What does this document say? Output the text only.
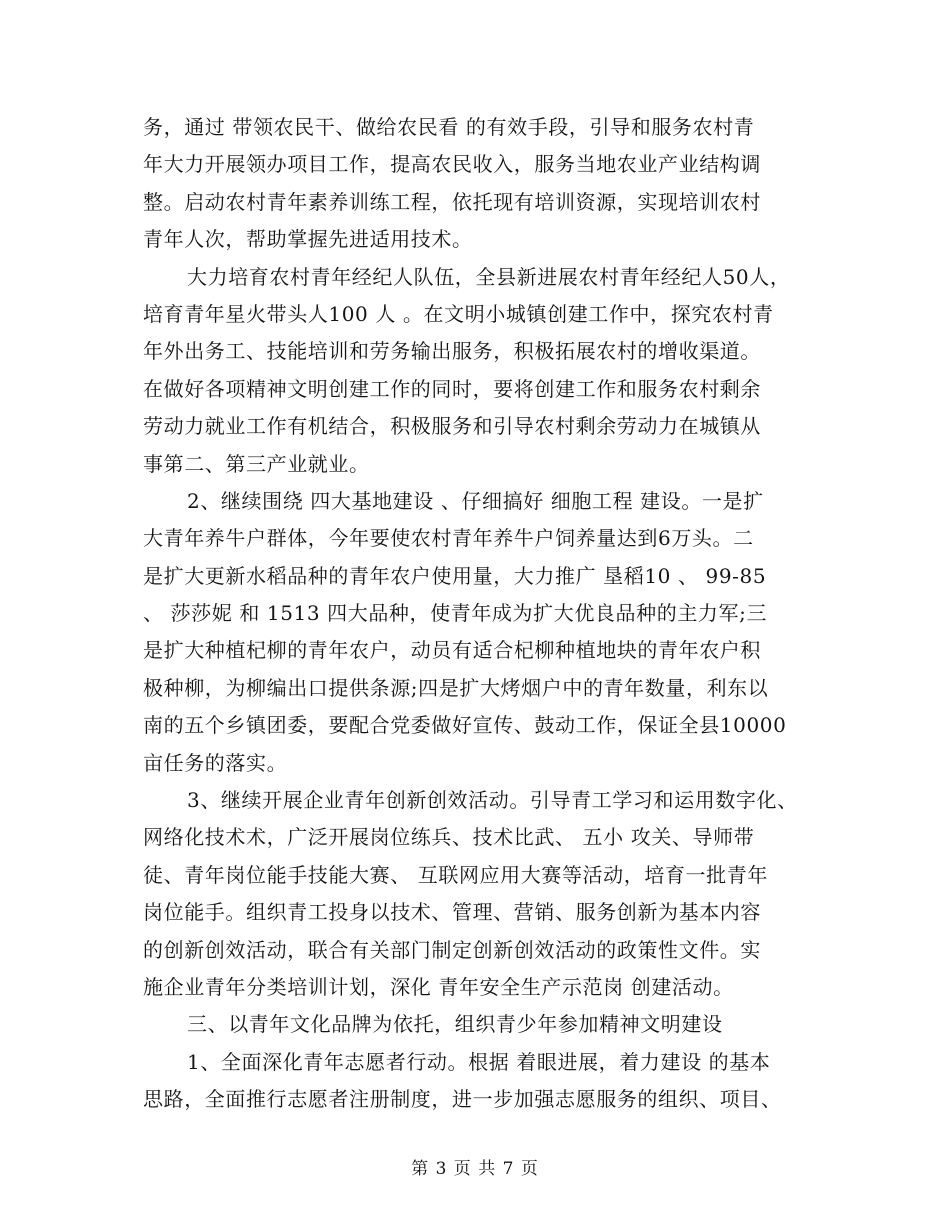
务，通过 带领农民干、做给农民看 的有效手段，引导和服务农村青
年大力开展领办项目工作，提高农民收入，服务当地农业产业结构调
整。启动农村青年素养训练工程，依托现有培训资源，实现培训农村
青年人次，帮助掌握先进适用技术。
大力培育农村青年经纪人队伍，全县新进展农村青年经纪人50人，
培育青年星火带头人100 人 。在文明小城镇创建工作中，探究农村青
年外出务工、技能培训和劳务输出服务，积极拓展农村的增收渠道。
在做好各项精神文明创建工作的同时，要将创建工作和服务农村剩余
劳动力就业工作有机结合，积极服务和引导农村剩余劳动力在城镇从
事第二、第三产业就业。
2、继续围绕 四大基地建设 、仔细搞好 细胞工程 建设。一是扩
大青年养牛户群体，今年要使农村青年养牛户饲养量达到6万头。二
是扩大更新水稻品种的青年农户使用量，大力推广 垦稻10 、 99-85
、 莎莎妮 和 1513 四大品种，使青年成为扩大优良品种的主力军;三
是扩大种植杞柳的青年农户，动员有适合杞柳种植地块的青年农户积
极种柳，为柳编出口提供条源;四是扩大烤烟户中的青年数量，利东以
南的五个乡镇团委，要配合党委做好宣传、鼓动工作，保证全县10000
亩任务的落实。
3、继续开展企业青年创新创效活动。引导青工学习和运用数字化、
网络化技术术，广泛开展岗位练兵、技术比武、 五小 攻关、导师带
徒、青年岗位能手技能大赛、 互联网应用大赛等活动，培育一批青年
岗位能手。组织青工投身以技术、管理、营销、服务创新为基本内容
的创新创效活动，联合有关部门制定创新创效活动的政策性文件。实
施企业青年分类培训计划，深化 青年安全生产示范岗 创建活动。
三、以青年文化品牌为依托，组织青少年参加精神文明建设
1、全面深化青年志愿者行动。根据 着眼进展，着力建设 的基本
思路，全面推行志愿者注册制度，进一步加强志愿服务的组织、项目、
第 3 页 共 7 页
